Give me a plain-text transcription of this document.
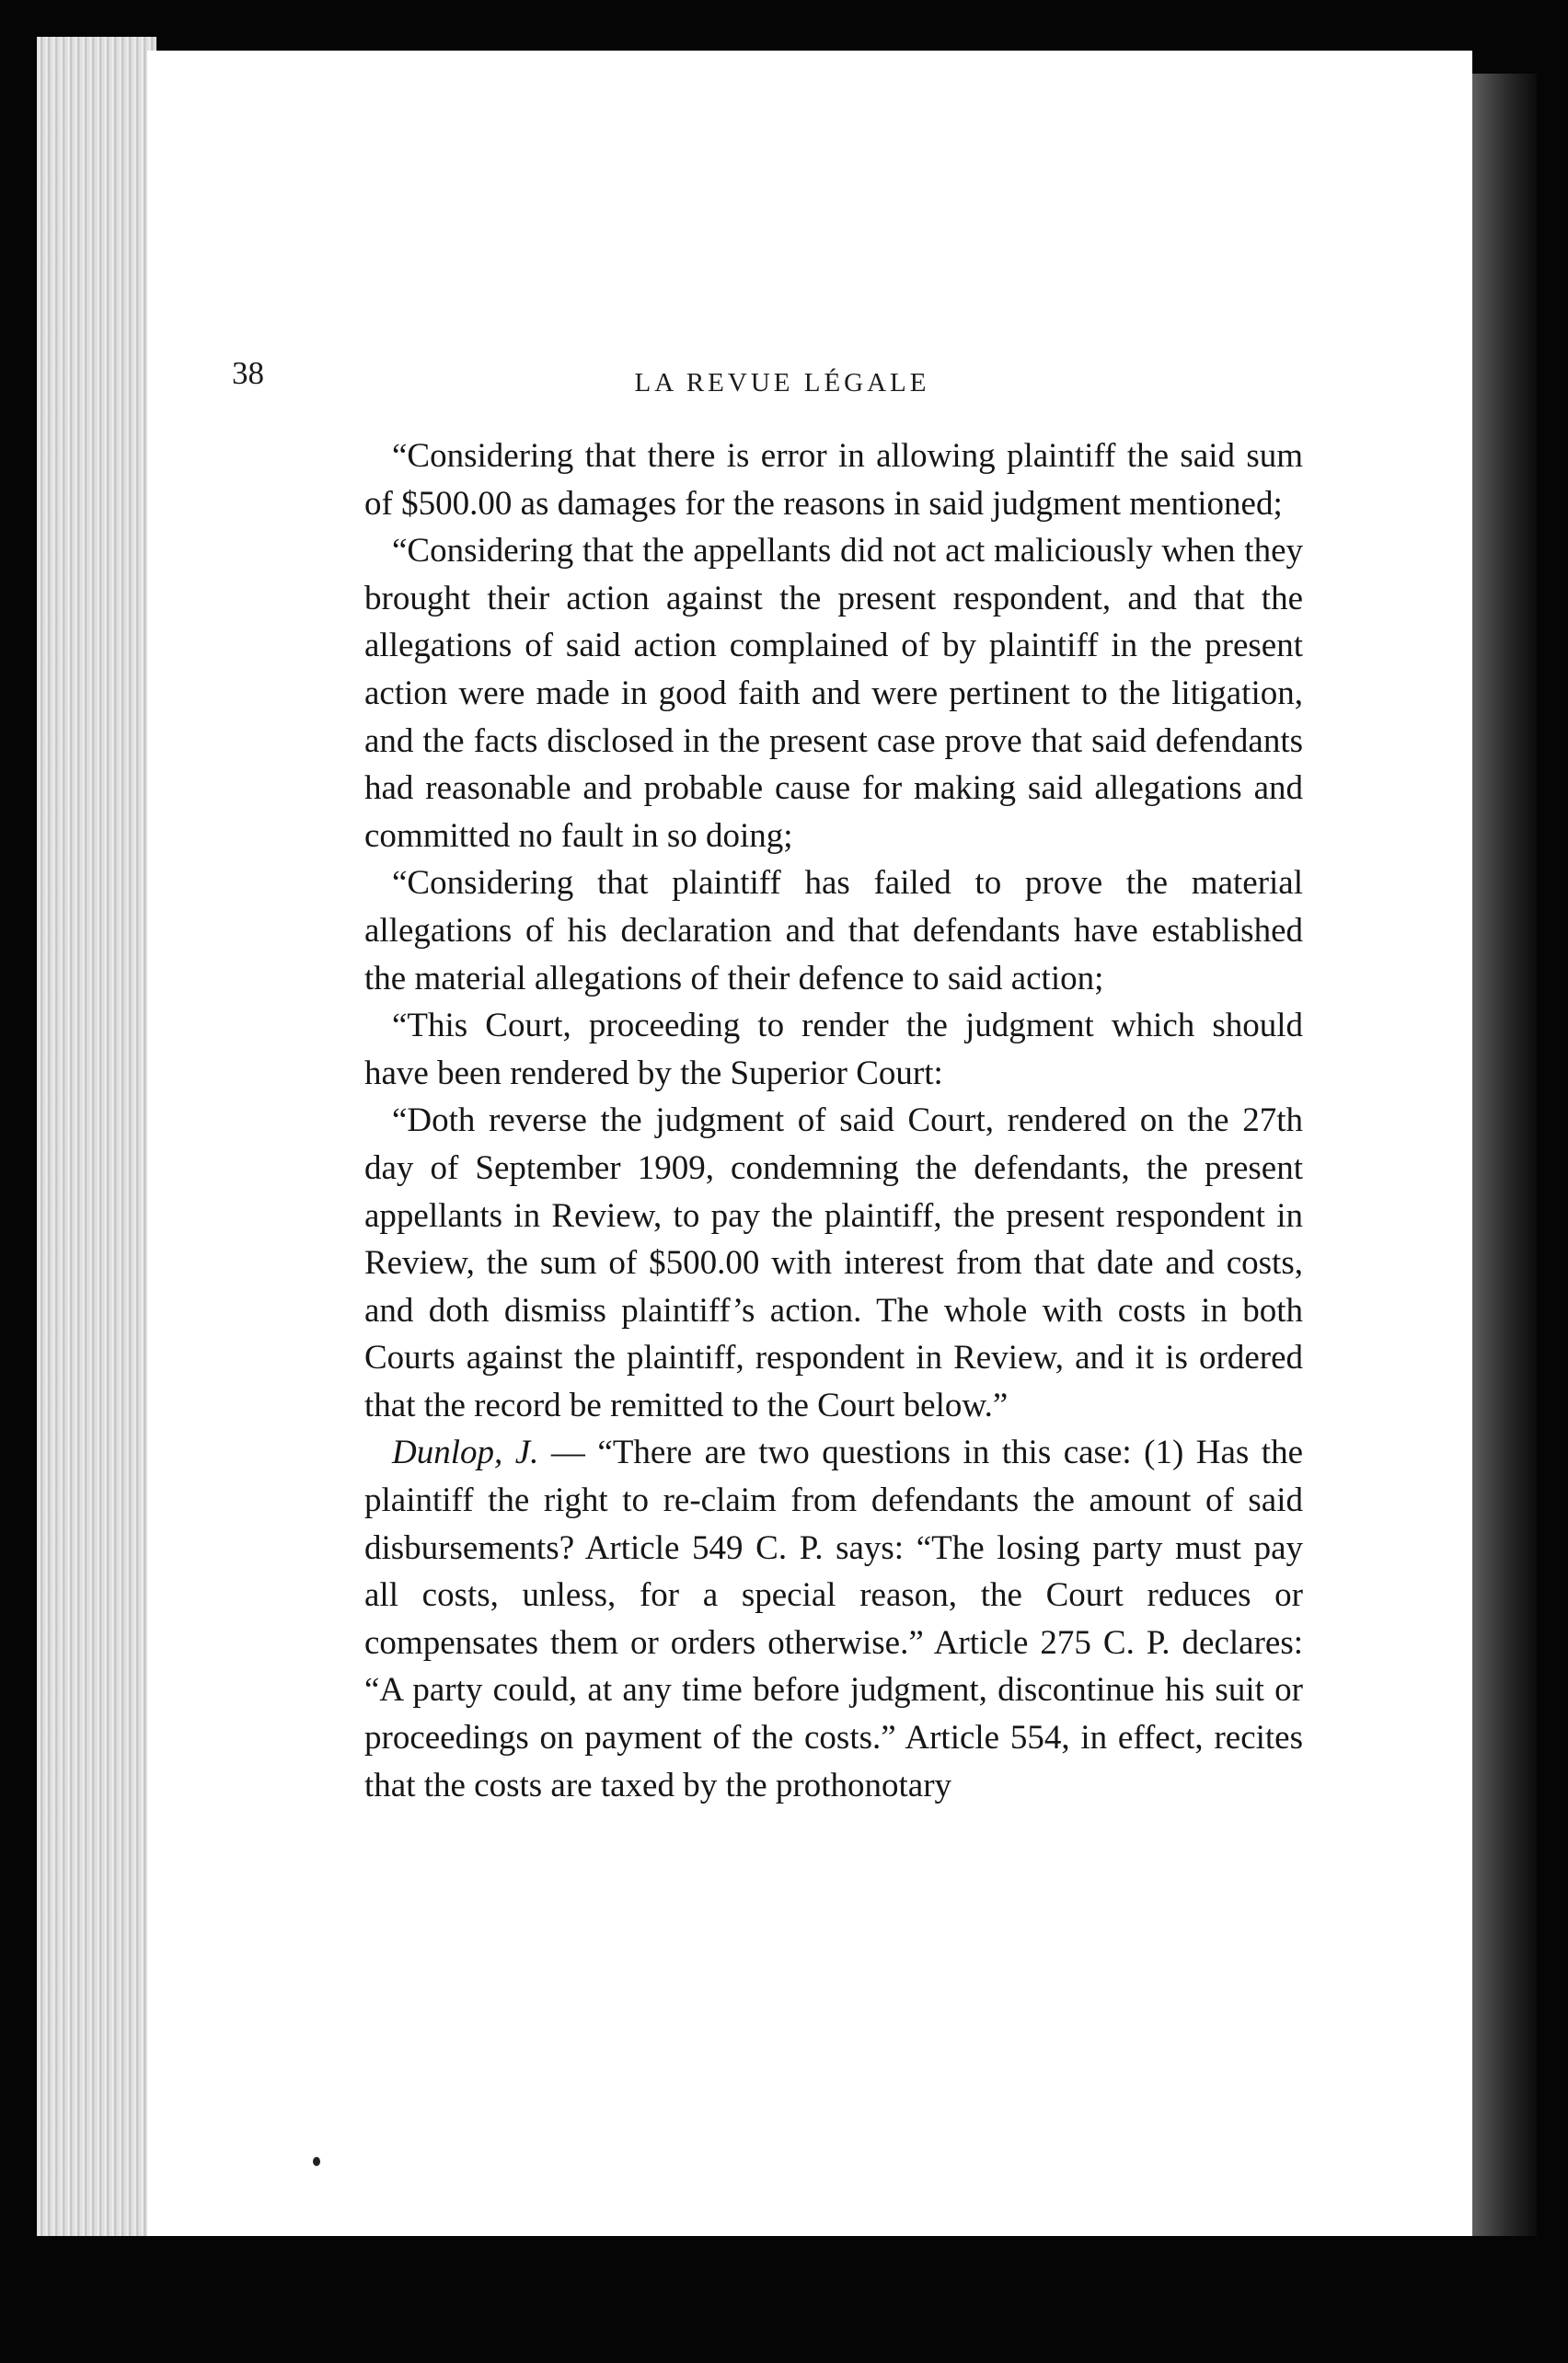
38	LA REVUE LÉGALE

“Considering that there is error in allowing plaintiff the said sum of $500.00 as damages for the reasons in said judgment mentioned;

“Considering that the appellants did not act maliciously when they brought their action against the present respondent, and that the allegations of said action complained of by plaintiff in the present action were made in good faith and were pertinent to the litigation, and the facts disclosed in the present case prove that said defendants had reasonable and probable cause for making said allegations and committed no fault in so doing;

“Considering that plaintiff has failed to prove the material allegations of his declaration and that defendants have established the material allegations of their defence to said action;

“This Court, proceeding to render the judgment which should have been rendered by the Superior Court:

“Doth reverse the judgment of said Court, rendered on the 27th day of September 1909, condemning the defendants, the present appellants in Review, to pay the plaintiff, the present respondent in Review, the sum of $500.00 with interest from that date and costs, and doth dismiss plaintiff’s action. The whole with costs in both Courts against the plaintiff, respondent in Review, and it is ordered that the record be remitted to the Court below.”

Dunlop, J. — “There are two questions in this case: (1) Has the plaintiff the right to re-claim from defendants the amount of said disbursements? Article 549 C. P. says: “The losing party must pay all costs, unless, for a special reason, the Court reduces or compensates them or orders otherwise.” Article 275 C. P. declares: “A party could, at any time before judgment, discontinue his suit or proceedings on payment of the costs.” Article 554, in effect, recites that the costs are taxed by the prothonotary
